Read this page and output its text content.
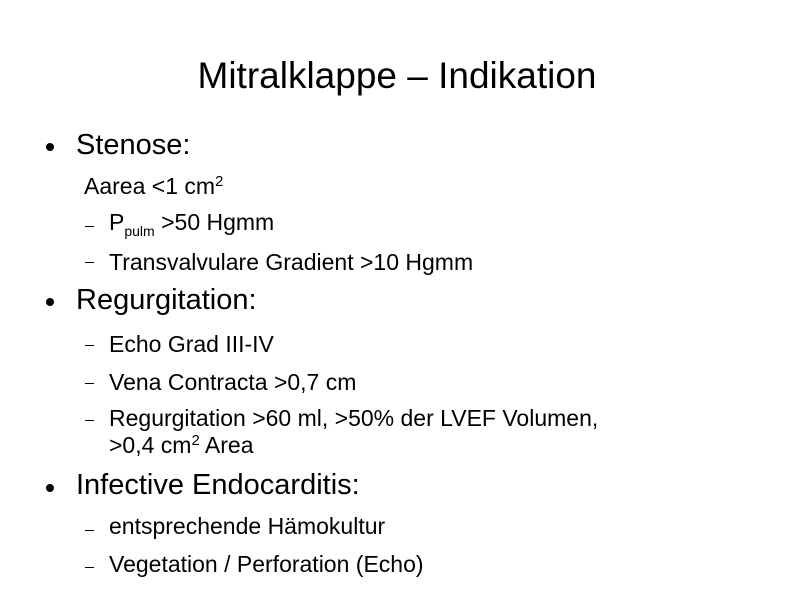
Mitralklappe – Indikation
Stenose:
Aarea <1 $cm^2$
$P_{pulm} >50$ Hgmm
Transvalvulare Gradient >10 Hgmm
Regurgitation:
Echo Grad III-IV
Vena Contracta >0,7 cm
Regurgitation >60 ml, >50% der LVEF Volumen,
>0,4 $cm^2$ Area
Infective Endocarditis:
entsprechende Hämokultur
Vegetation / Perforation (Echo)
